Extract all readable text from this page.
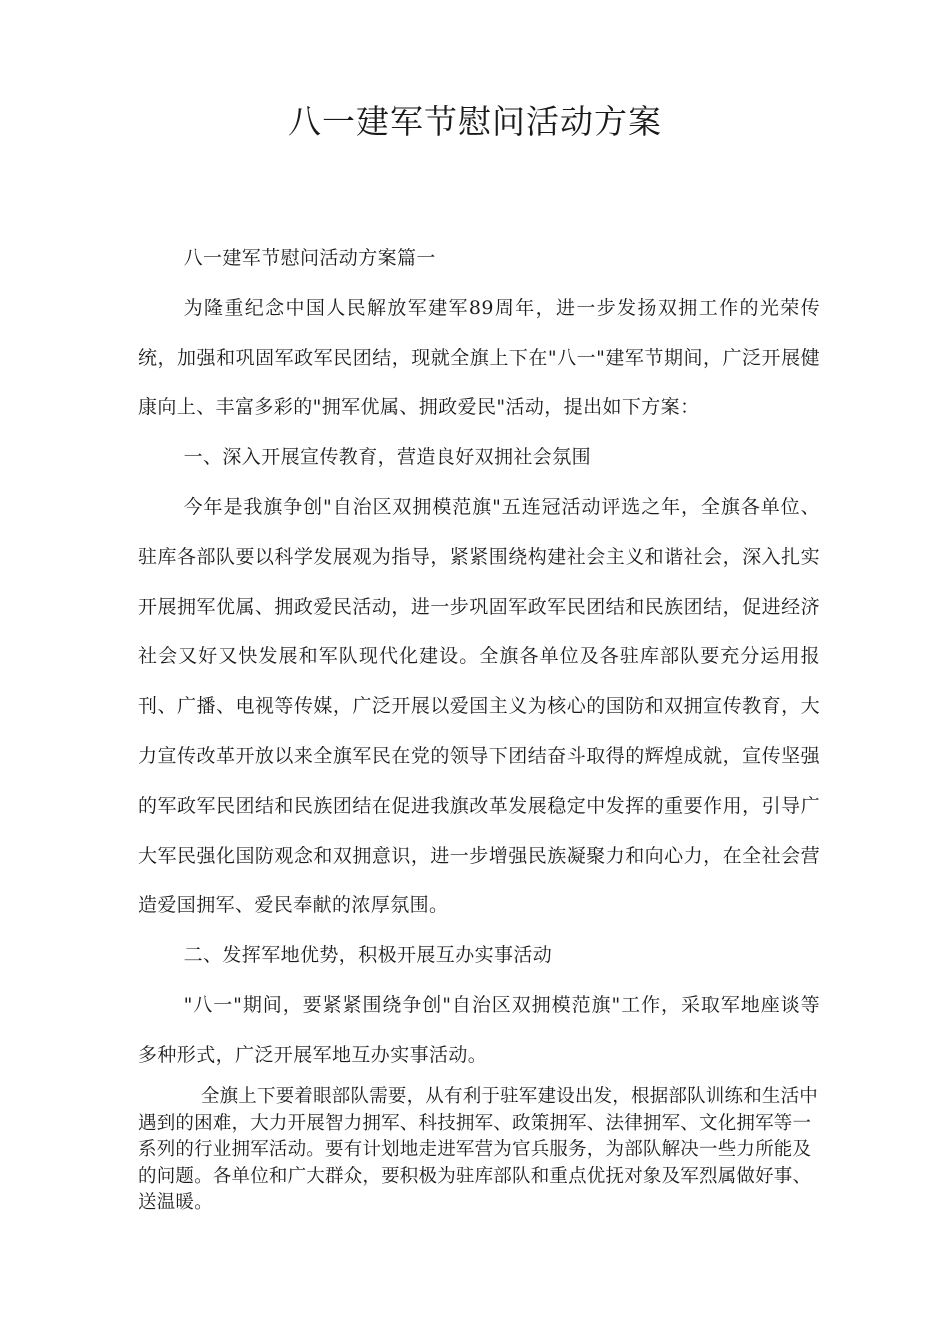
八一建军节慰问活动方案

八一建军节慰问活动方案篇一

为隆重纪念中国人民解放军建军89周年，进一步发扬双拥工作的光荣传统，加强和巩固军政军民团结，现就全旗上下在"八一"建军节期间，广泛开展健康向上、丰富多彩的"拥军优属、拥政爱民"活动，提出如下方案：

一、深入开展宣传教育，营造良好双拥社会氛围

今年是我旗争创"自治区双拥模范旗"五连冠活动评选之年，全旗各单位、驻库各部队要以科学发展观为指导，紧紧围绕构建社会主义和谐社会，深入扎实开展拥军优属、拥政爱民活动，进一步巩固军政军民团结和民族团结，促进经济社会又好又快发展和军队现代化建设。全旗各单位及各驻库部队要充分运用报刊、广播、电视等传媒，广泛开展以爱国主义为核心的国防和双拥宣传教育，大力宣传改革开放以来全旗军民在党的领导下团结奋斗取得的辉煌成就，宣传坚强的军政军民团结和民族团结在促进我旗改革发展稳定中发挥的重要作用，引导广大军民强化国防观念和双拥意识，进一步增强民族凝聚力和向心力，在全社会营造爱国拥军、爱民奉献的浓厚氛围。

二、发挥军地优势，积极开展互办实事活动

"八一"期间，要紧紧围绕争创"自治区双拥模范旗"工作，采取军地座谈等多种形式，广泛开展军地互办实事活动。

全旗上下要着眼部队需要，从有利于驻军建设出发，根据部队训练和生活中遇到的困难，大力开展智力拥军、科技拥军、政策拥军、法律拥军、文化拥军等一系列的行业拥军活动。要有计划地走进军营为官兵服务，为部队解决一些力所能及的问题。各单位和广大群众，要积极为驻库部队和重点优抚对象及军烈属做好事、送温暖。
